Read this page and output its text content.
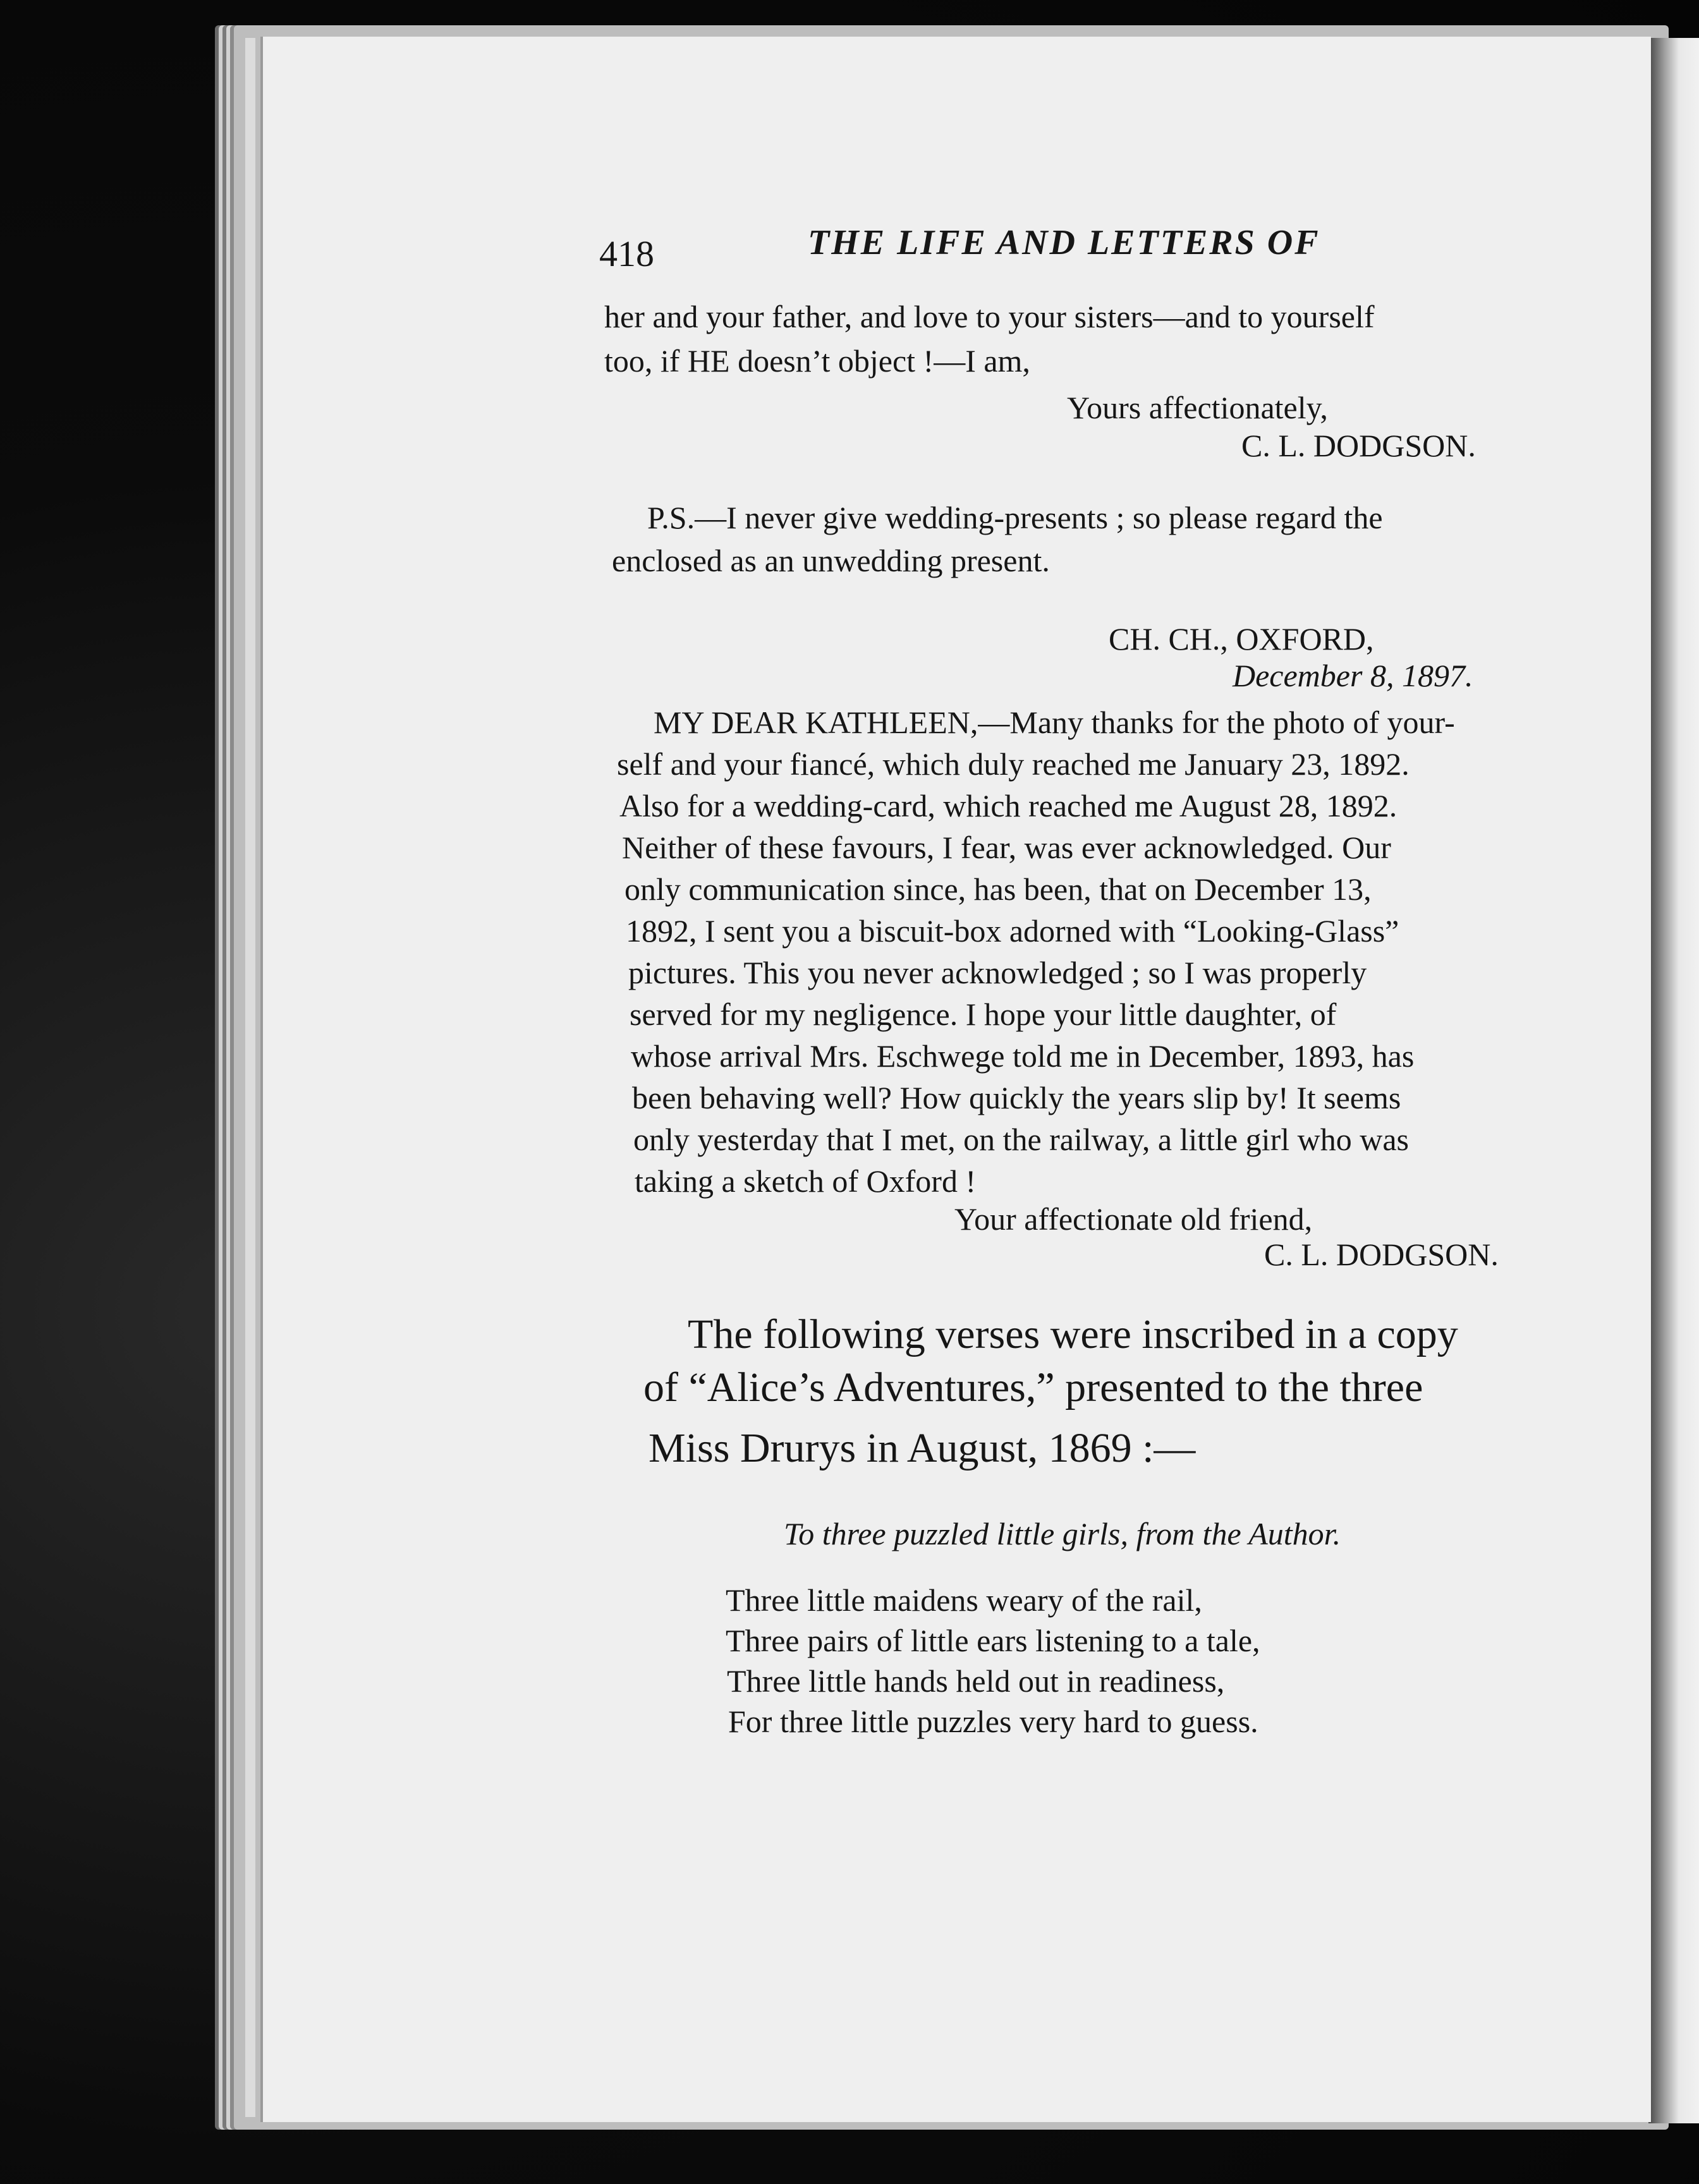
418	THE LIFE AND LETTERS OF
her and your father, and love to your sisters—and to yourself
too, if HE doesn’t object !—I am,
Yours affectionately,
C. L. DODGSON.
P.S.—I never give wedding-presents ; so please regard the
enclosed as an unwedding present.
CH. CH., OXFORD,
December 8, 1897.
MY DEAR KATHLEEN,—Many thanks for the photo of your-
self and your fiancé, which duly reached me January 23, 1892.
Also for a wedding-card, which reached me August 28, 1892.
Neither of these favours, I fear, was ever acknowledged. Our
only communication since, has been, that on December 13,
1892, I sent you a biscuit-box adorned with “Looking-Glass”
pictures. This you never acknowledged ; so I was properly
served for my negligence. I hope your little daughter, of
whose arrival Mrs. Eschwege told me in December, 1893, has
been behaving well? How quickly the years slip by! It seems
only yesterday that I met, on the railway, a little girl who was
taking a sketch of Oxford !
Your affectionate old friend,
C. L. DODGSON.
The following verses were inscribed in a copy
of “Alice’s Adventures,” presented to the three
Miss Drurys in August, 1869 :—
To three puzzled little girls, from the Author.
Three little maidens weary of the rail,
Three pairs of little ears listening to a tale,
Three little hands held out in readiness,
For three little puzzles very hard to guess.
